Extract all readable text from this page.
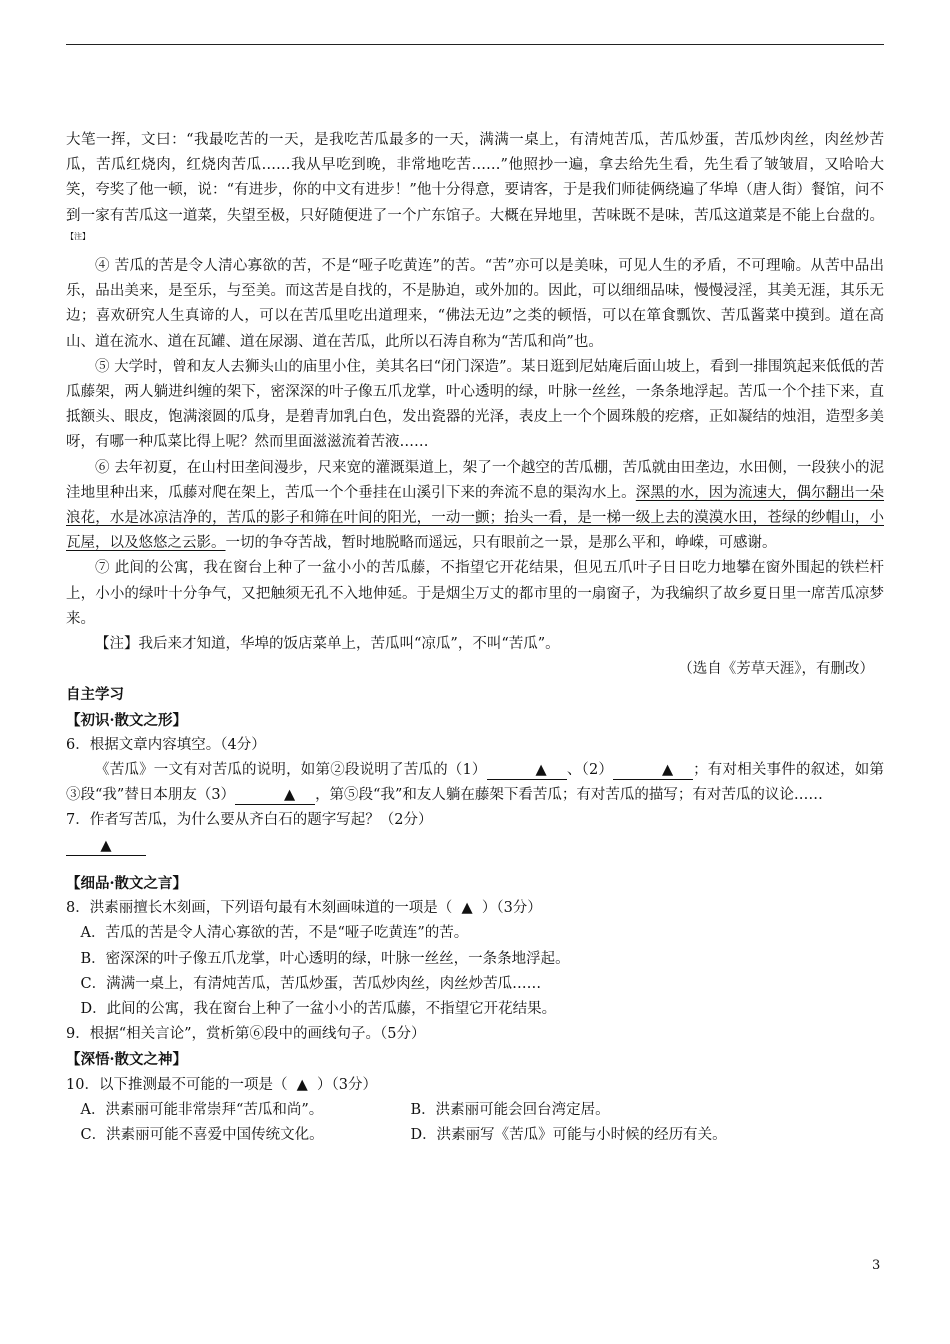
大笔一挥，文曰：“我最吃苦的一天，是我吃苦瓜最多的一天，满满一桌上，有清炖苦瓜，苦瓜炒蛋，苦瓜炒肉丝，肉丝炒苦瓜，苦瓜红烧肉，红烧肉苦瓜……我从早吃到晚，非常地吃苦……”他照抄一遍，拿去给先生看，先生看了皱皱眉，又哈哈大笑，夸奖了他一顿，说：“有进步，你的中文有进步！”他十分得意，要请客，于是我们师徒俩绕遍了华埠（唐人街）餐馆，问不到一家有苦瓜这一道菜，失望至极，只好随便进了一个广东馆子。大概在异地里，苦味既不是味，苦瓜这道菜是不能上台盘的。$^{【注】}$

④ 苦瓜的苦是令人清心寡欲的苦，不是“哑子吃黄连”的苦。“苦”亦可以是美味，可见人生的矛盾，不可理喻。从苦中品出乐，品出美来，是至乐，与至美。而这苦是自找的，不是胁迫，或外加的。因此，可以细细品味，慢慢浸淫，其美无涯，其乐无边；喜欢研究人生真谛的人，可以在苦瓜里吃出道理来，“佛法无边”之类的顿悟，可以在箪食瓢饮、苦瓜酱菜中摸到。道在高山、道在流水、道在瓦罐、道在尿溺、道在苦瓜，此所以石涛自称为“苦瓜和尚”也。

⑤ 大学时，曾和友人去狮头山的庙里小住，美其名曰“闭门深造”。某日逛到尼姑庵后面山坡上，看到一排围筑起来低低的苦瓜藤架，两人躺进纠缠的架下，密深深的叶子像五爪龙掌，叶心透明的绿，叶脉一丝丝，一条条地浮起。苦瓜一个个挂下来，直抵额头、眼皮，饱满滚圆的瓜身，是碧青加乳白色，发出瓷器的光泽，表皮上一个个圆珠般的疙瘩，正如凝结的烛泪，造型多美呀，有哪一种瓜菜比得上呢？然而里面滋滋流着苦液……

⑥ 去年初夏，在山村田垄间漫步，尺来宽的灌溉渠道上，架了一个越空的苦瓜棚，苦瓜就由田垄边，水田侧，一段狭小的泥洼地里种出来，瓜藤对爬在架上，苦瓜一个个垂挂在山溪引下来的奔流不息的渠沟水上。深黑的水，因为流速大，偶尔翻出一朵浪花，水是冰凉洁净的，苦瓜的影子和筛在叶间的阳光，一动一颤；抬头一看，是一梯一级上去的漠漠水田，苍绿的纱帽山，小瓦屋，以及悠悠之云影。一切的争夺苦战，暂时地脱略而遥远，只有眼前之一景，是那么平和，峥嵘，可感谢。

⑦ 此间的公寓，我在窗台上种了一盆小小的苦瓜藤，不指望它开花结果，但见五爪叶子日日吃力地攀在窗外围起的铁栏杆上，小小的绿叶十分争气，又把触须无孔不入地伸延。于是烟尘万丈的都市里的一扇窗子，为我编织了故乡夏日里一席苦瓜凉梦来。

【注】我后来才知道，华埠的饭店菜单上，苦瓜叫“凉瓜”，不叫“苦瓜”。

（选自《芳草天涯》，有删改）

自主学习

【初识·散文之形】

6．根据文章内容填空。（4分）

《苦瓜》一文有对苦瓜的说明，如第②段说明了苦瓜的（1）	▲ 、（2）	▲ ；有对相关事件的叙述，如第③段“我”替日本朋友（3）	▲ ，第⑤段“我”和友人躺在藤架下看苦瓜；有对苦瓜的描写；有对苦瓜的议论……

7．作者写苦瓜，为什么要从齐白石的题字写起？（2分）

▲

【细品·散文之言】

8．洪素丽擅长木刻画，下列语句最有木刻画味道的一项是（ ▲ ）（3分）

A．苦瓜的苦是令人清心寡欲的苦，不是“哑子吃黄连”的苦。

B．密深深的叶子像五爪龙掌，叶心透明的绿，叶脉一丝丝，一条条地浮起。

C．满满一桌上，有清炖苦瓜，苦瓜炒蛋，苦瓜炒肉丝，肉丝炒苦瓜……

D．此间的公寓，我在窗台上种了一盆小小的苦瓜藤，不指望它开花结果。

9．根据“相关言论”，赏析第⑥段中的画线句子。（5分）

【深悟·散文之神】

10．以下推测最不可能的一项是（ ▲ ）（3分）

A．洪素丽可能非常崇拜“苦瓜和尚”。	B．洪素丽可能会回台湾定居。

C．洪素丽可能不喜爱中国传统文化。	D．洪素丽写《苦瓜》可能与小时候的经历有关。

3
